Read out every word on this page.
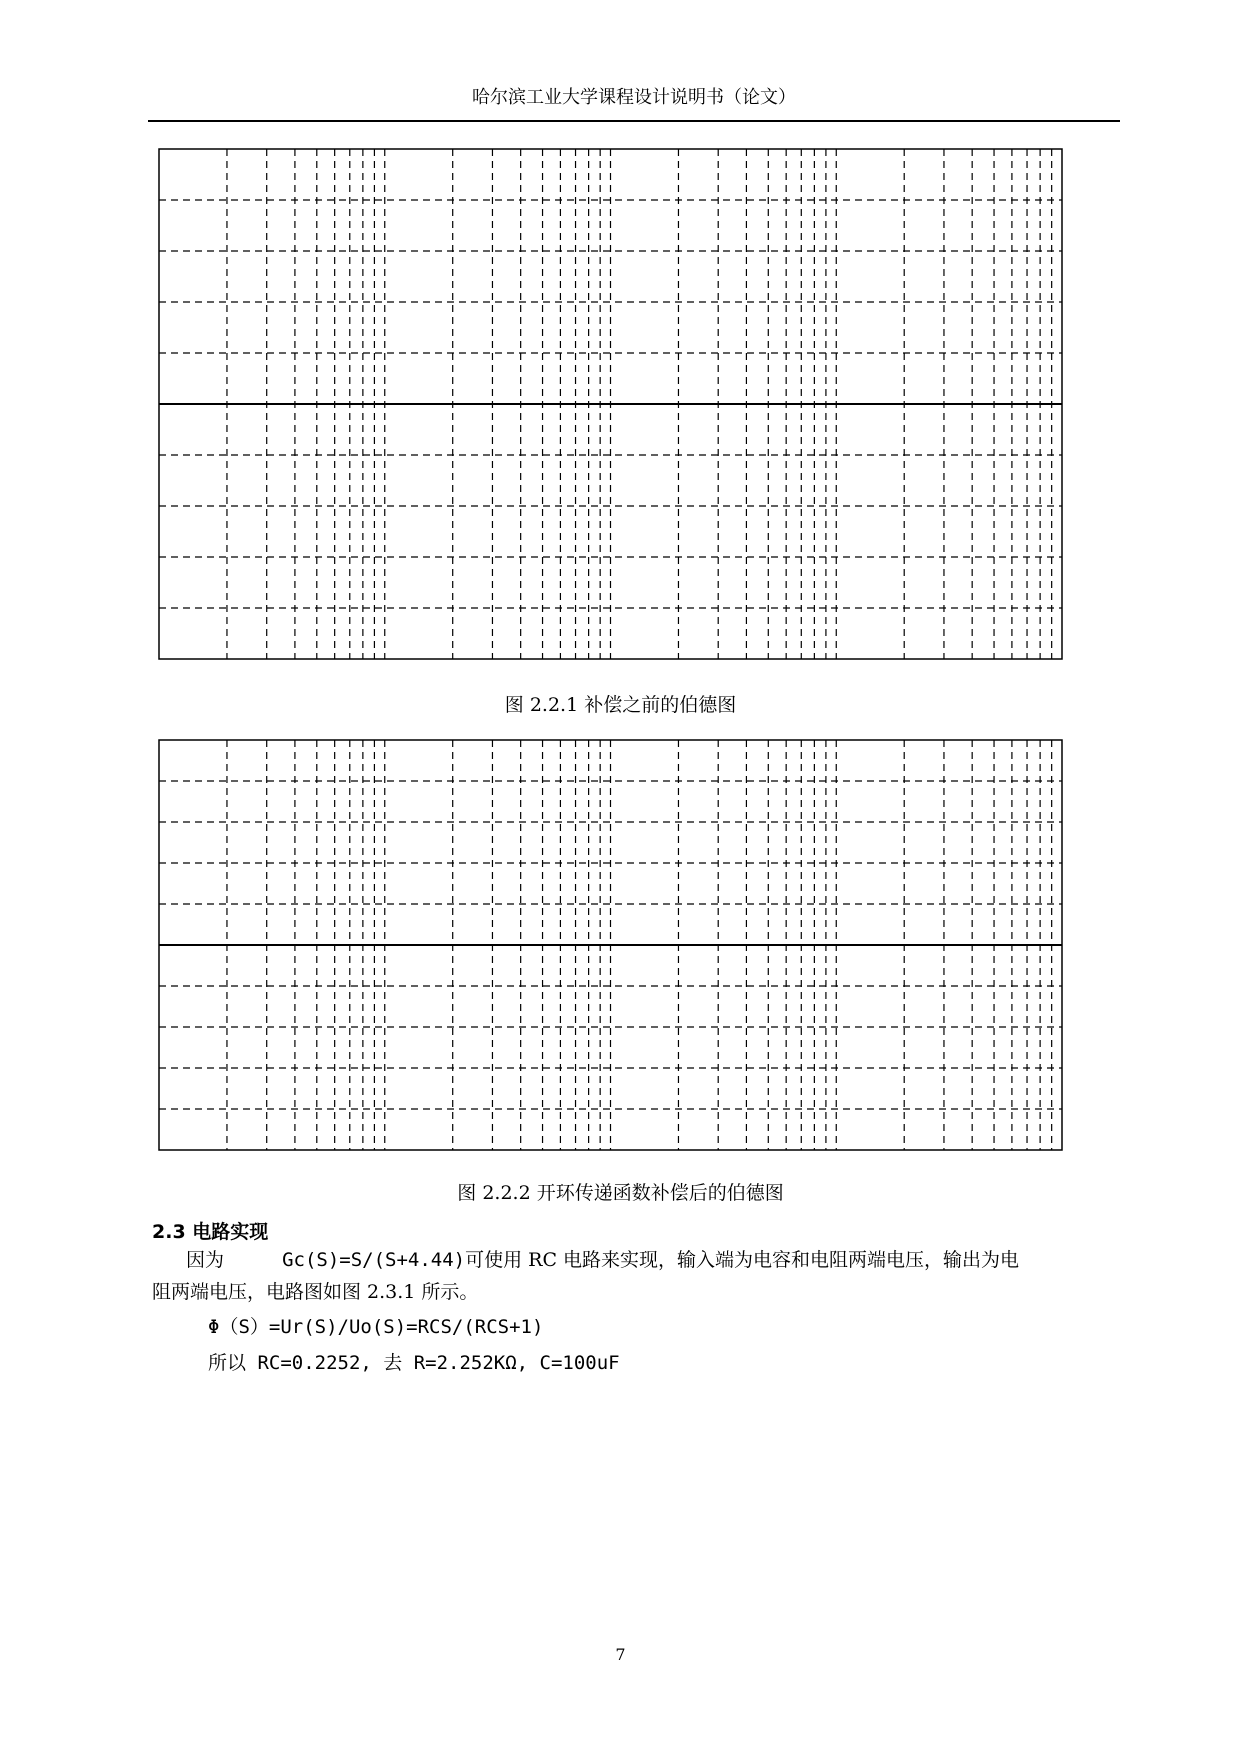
哈尔滨工业大学课程设计说明书（论文）
图 2.2.1 补偿之前的伯德图
图 2.2.2 开环传递函数补偿后的伯德图
2.3 电路实现
因为	Gc(S)=S/(S+4.44)可使用 RC 电路来实现，输入端为电容和电阻两端电压，输出为电
阻两端电压，电路图如图 2.3.1 所示。
Φ（S）=Ur(S)/Uo(S)=RCS/(RCS+1)
所以 RC=0.2252, 去 R=2.252KΩ, C=100uF
7
